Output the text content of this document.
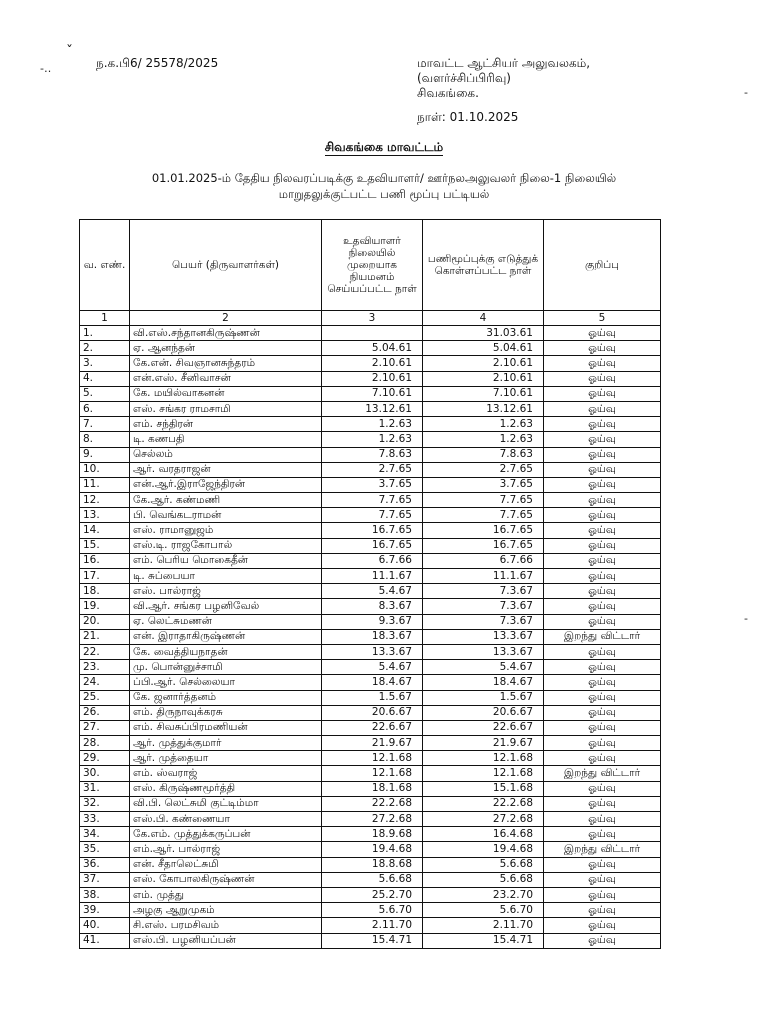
ˇ
-‥
-
-
ந.க.பி6/ 25578/2025	மாவட்ட ஆட்சியர் அலுவலகம்,
(வளர்ச்சிப்பிரிவு)
சிவகங்கை.
நாள்: 01.10.2025
சிவகங்கை மாவட்டம்
01.01.2025-ம் தேதிய நிலவரப்படிக்கு உதவியாளர்/ ஊர்நலஅலுவலர் நிலை-1 நிலையில்
மாறுதலுக்குட்பட்ட பணி மூப்பு பட்டியல்
வ. எண்.	பெயர் (திருவாளர்கள்)	உதவியாளர் நிலையில் முறையாக நியமனம் செய்யப்பட்ட நாள்	பணிமூப்புக்கு எடுத்துக் கொள்ளப்பட்ட நாள்	குறிப்பு
1	2	3	4	5
1.	வி.எஸ்.சந்தானகிருஷ்ணன்		31.03.61	ஓய்வு
2.	ஏ. ஆனந்தன்	5.04.61	5.04.61	ஓய்வு
3.	கே.என். சிவஞானசுந்தரம்	2.10.61	2.10.61	ஓய்வு
4.	என்.எஸ். சீனிவாசன்	2.10.61	2.10.61	ஓய்வு
5.	கே. மயில்வாகனன்	7.10.61	7.10.61	ஓய்வு
6.	எஸ். சங்கர ராமசாமி	13.12.61	13.12.61	ஓய்வு
7.	எம். சந்திரன்	1.2.63	1.2.63	ஓய்வு
8.	டி. கணபதி	1.2.63	1.2.63	ஓய்வு
9.	செல்லம்	7.8.63	7.8.63	ஓய்வு
10.	ஆர். வரதராஜன்	2.7.65	2.7.65	ஓய்வு
11.	என்.ஆர்.இராஜேந்திரன்	3.7.65	3.7.65	ஓய்வு
12.	கே.ஆர். கண்மணி	7.7.65	7.7.65	ஓய்வு
13.	பி. வெங்கடராமன்	7.7.65	7.7.65	ஓய்வு
14.	எஸ். ராமானுஜம்	16.7.65	16.7.65	ஓய்வு
15.	எஸ்.டி. ராஜகோபால்	16.7.65	16.7.65	ஓய்வு
16.	எம். பெரிய மொகைதீன்	6.7.66	6.7.66	ஓய்வு
17.	டி. சுப்பையா	11.1.67	11.1.67	ஓய்வு
18.	எஸ். பால்ராஜ்	5.4.67	7.3.67	ஓய்வு
19.	வி.ஆர். சங்கர பழனிவேல்	8.3.67	7.3.67	ஓய்வு
20.	ஏ. லெட்சுமணன்	9.3.67	7.3.67	ஓய்வு
21.	என். இராதாகிருஷ்ணன்	18.3.67	13.3.67	இறந்து விட்டார்
22.	கே. வைத்தியநாதன்	13.3.67	13.3.67	ஓய்வு
23.	மு. பொன்னுச்சாமி	5.4.67	5.4.67	ஓய்வு
24.	ப்பி.ஆர். செல்லையா	18.4.67	18.4.67	ஓய்வு
25.	கே. ஜனார்த்தனம்	1.5.67	1.5.67	ஓய்வு
26.	எம். திருநாவுக்கரசு	20.6.67	20.6.67	ஓய்வு
27.	எம். சிவசுப்பிரமணியன்	22.6.67	22.6.67	ஓய்வு
28.	ஆர். முத்துக்குமார்	21.9.67	21.9.67	ஓய்வு
29.	ஆர். முத்தையா	12.1.68	12.1.68	ஓய்வு
30.	எம். ஸ்வராஜ்	12.1.68	12.1.68	இறந்து விட்டார்
31.	எஸ். கிருஷ்ணமூர்த்தி	18.1.68	15.1.68	ஓய்வு
32.	வி.பி. லெட்சுமி குட்டிம்மா	22.2.68	22.2.68	ஓய்வு
33.	எஸ்.பி. கண்ணையா	27.2.68	27.2.68	ஓய்வு
34.	கே.எம். முத்துக்கருப்பன்	18.9.68	16.4.68	ஓய்வு
35.	எம்.ஆர். பால்ராஜ்	19.4.68	19.4.68	இறந்து விட்டார்
36.	என். சீதாலெட்சுமி	18.8.68	5.6.68	ஓய்வு
37.	எஸ். கோபாலகிருஷ்ணன்	5.6.68	5.6.68	ஓய்வு
38.	எம். முத்து	25.2.70	23.2.70	ஓய்வு
39.	அழகு ஆறுமுகம்	5.6.70	5.6.70	ஓய்வு
40.	சி.எஸ். பரமசிவம்	2.11.70	2.11.70	ஓய்வு
41.	எஸ்.பி. பழனியப்பன்	15.4.71	15.4.71	ஓய்வு
